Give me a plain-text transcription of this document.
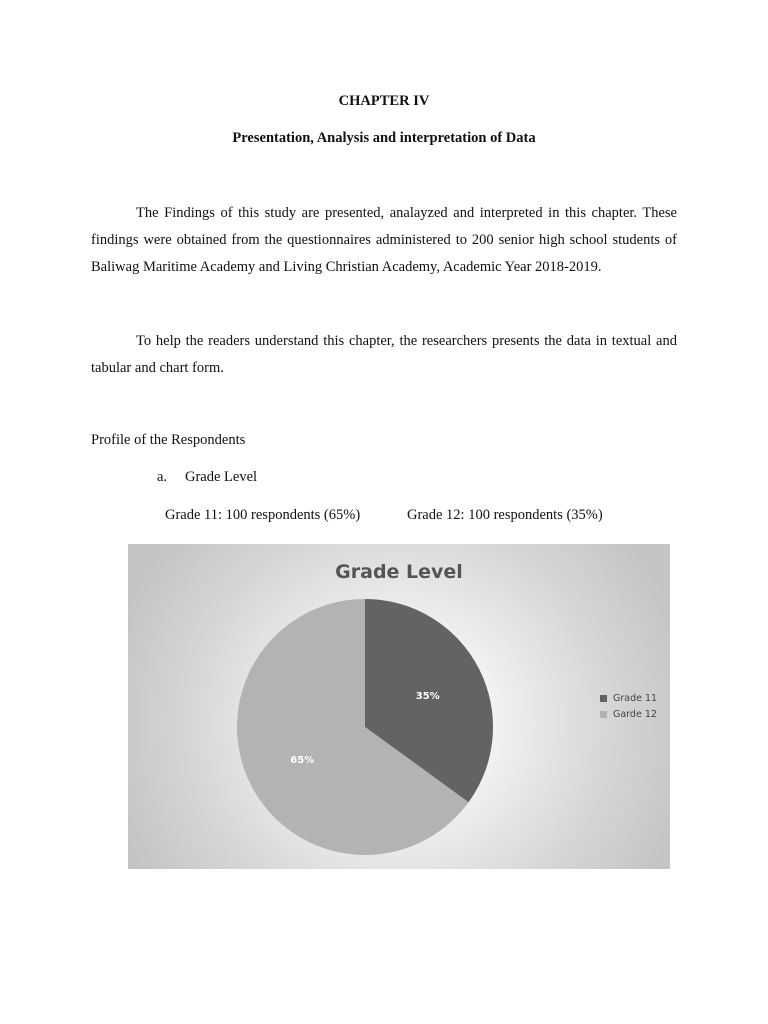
CHAPTER IV
Presentation, Analysis and interpretation of Data

The Findings of this study are presented, analayzed and interpreted in this chapter. These findings were obtained from the questionnaires administered to 200 senior high school students of Baliwag Maritime Academy and Living Christian Academy, Academic Year 2018-2019.

To help the readers understand this chapter, the researchers presents the data in textual and tabular and chart form.

Profile of the Respondents
a. Grade Level
Grade 11: 100 respondents (65%)	Grade 12: 100 respondents (35%)
Grade Level
35%
65%
Grade 11
Garde 12
